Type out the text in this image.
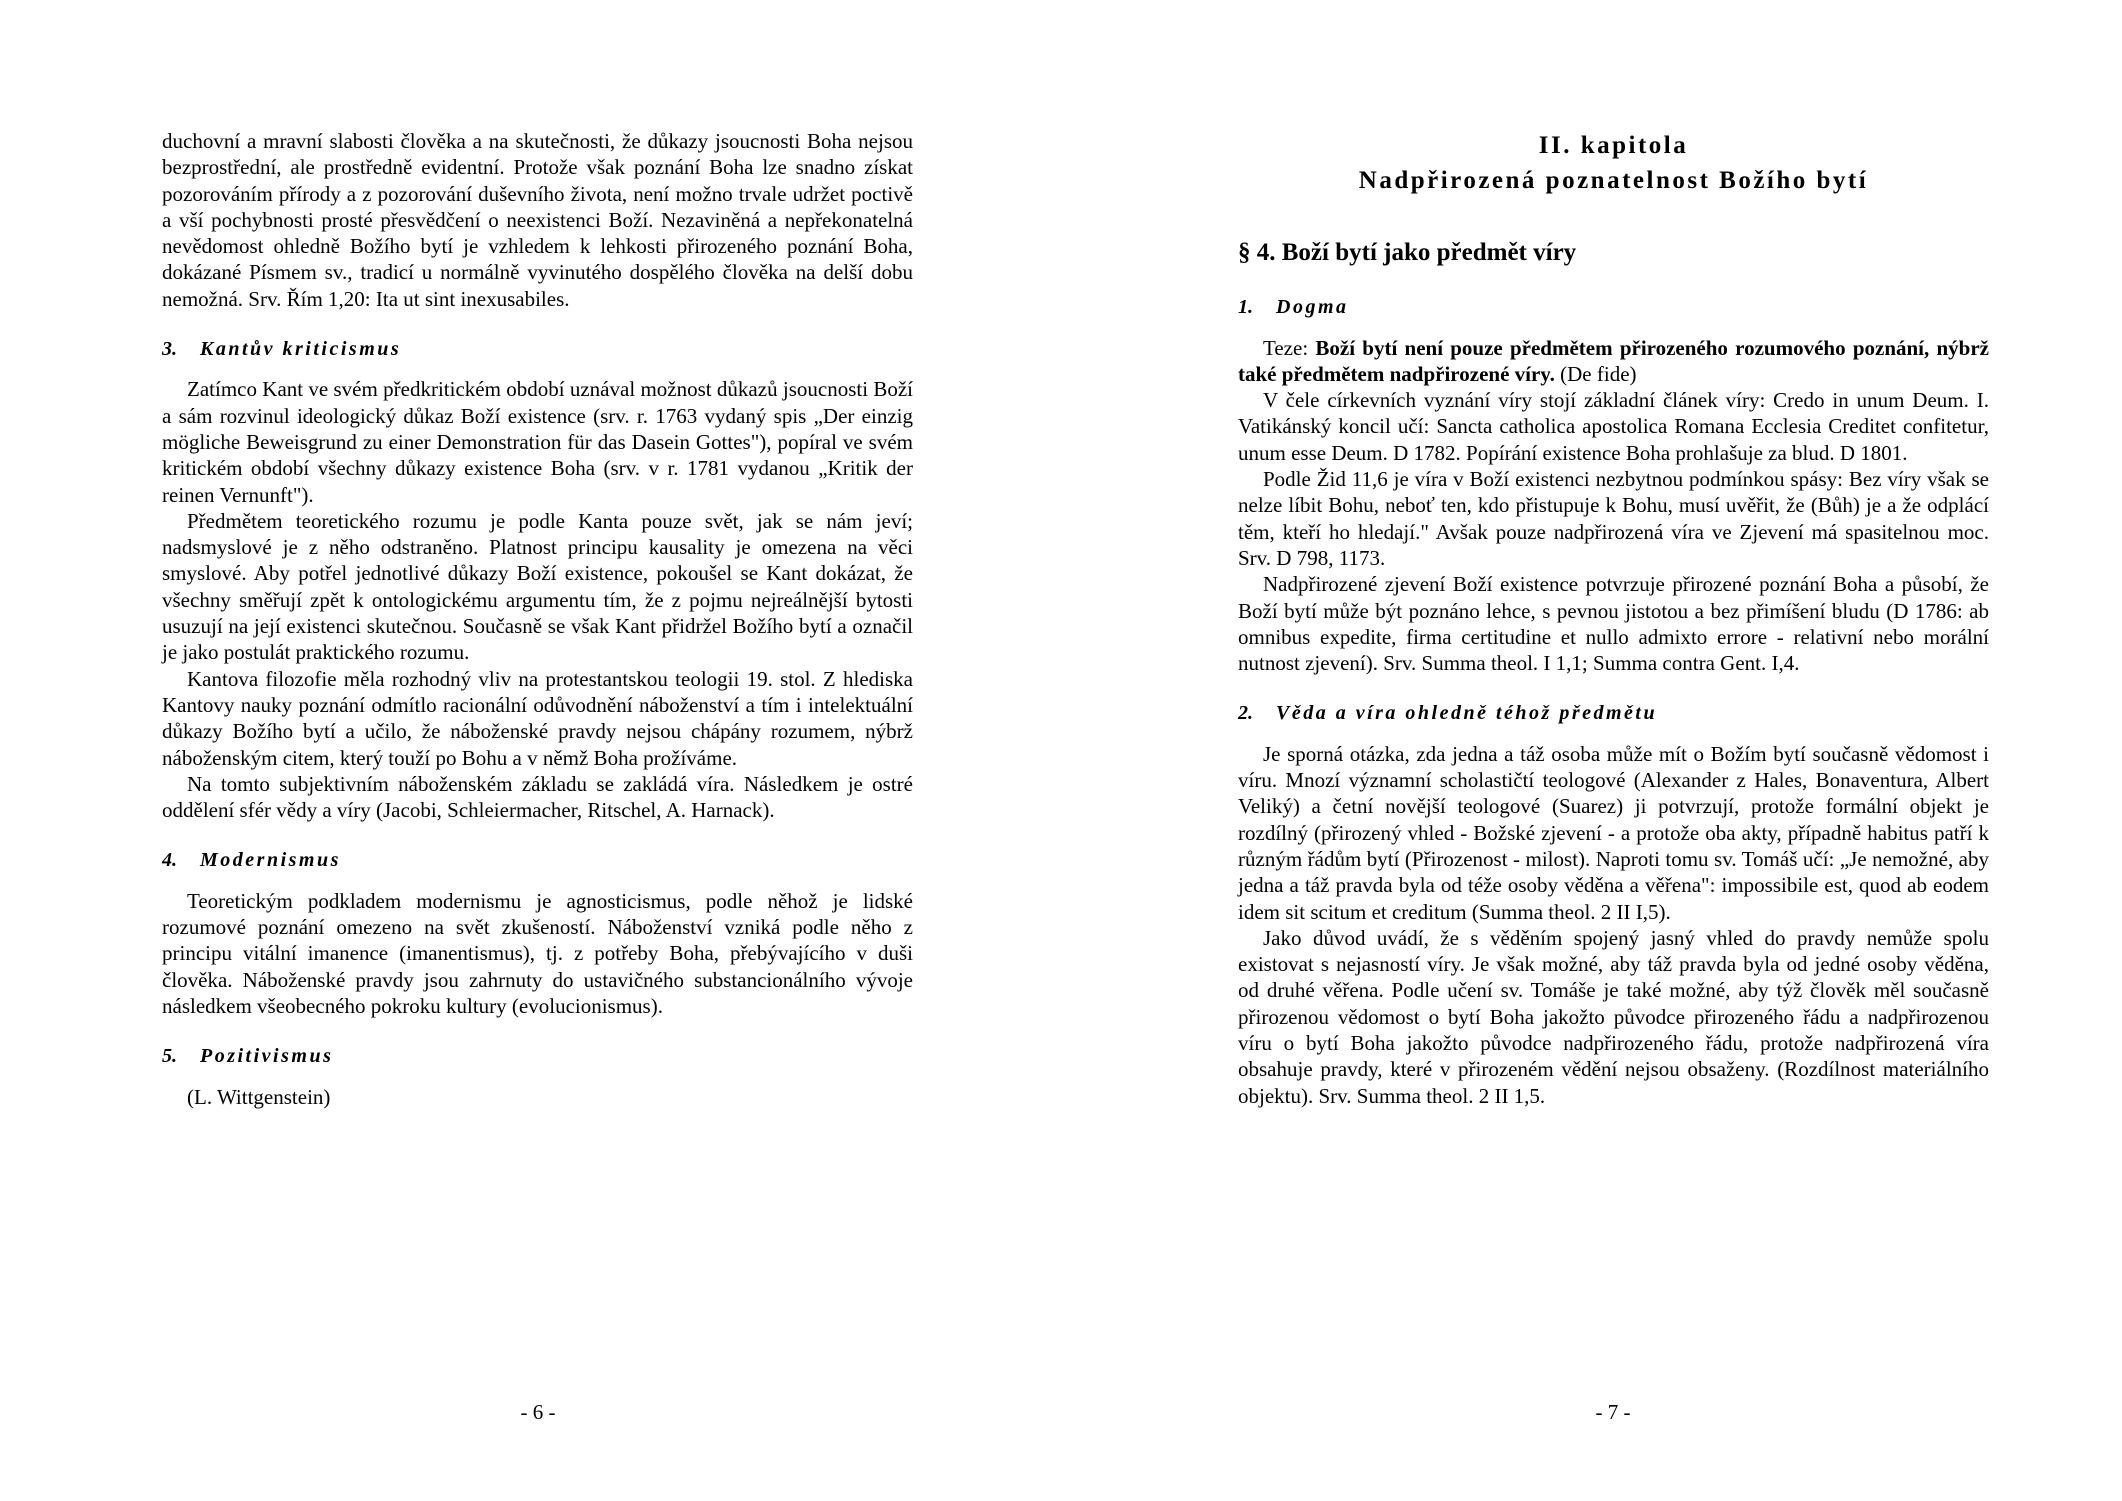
duchovní a mravní slabosti člověka a na skutečnosti, že důkazy jsoucnosti Boha nejsou bezprostřední, ale prostředně evidentní. Protože však poznání Boha lze snadno získat pozorováním přírody a z pozorování duševního života, není možno trvale udržet poctivě a vší pochybnosti prosté přesvědčení o neexistenci Boží. Nezaviněná a nepřekonatelná nevědomost ohledně Božího bytí je vzhledem k lehkosti přirozeného poznání Boha, dokázané Písmem sv., tradicí u normálně vyvinutého dospělého člověka na delší dobu nemožná. Srv. Řím 1,20: Ita ut sint inexusabiles.

3. Kantův kriticismus

Zatímco Kant ve svém předkritickém období uznával možnost důkazů jsoucnosti Boží a sám rozvinul ideologický důkaz Boží existence (srv. r. 1763 vydaný spis „Der einzig mögliche Beweisgrund zu einer Demonstration für das Dasein Gottes"), popíral ve svém kritickém období všechny důkazy existence Boha (srv. v r. 1781 vydanou „Kritik der reinen Vernunft").

Předmětem teoretického rozumu je podle Kanta pouze svět, jak se nám jeví; nadsmyslové je z něho odstraněno. Platnost principu kausality je omezena na věci smyslové. Aby potřel jednotlivé důkazy Boží existence, pokoušel se Kant dokázat, že všechny směřují zpět k ontologickému argumentu tím, že z pojmu nejreálnější bytosti usuzují na její existenci skutečnou. Současně se však Kant přidržel Božího bytí a označil je jako postulát praktického rozumu.

Kantova filozofie měla rozhodný vliv na protestantskou teologii 19. stol. Z hlediska Kantovy nauky poznání odmítlo racionální odůvodnění náboženství a tím i intelektuální důkazy Božího bytí a učilo, že náboženské pravdy nejsou chápány rozumem, nýbrž náboženským citem, který touží po Bohu a v němž Boha prožíváme.

Na tomto subjektivním náboženském základu se zakládá víra. Následkem je ostré oddělení sfér vědy a víry (Jacobi, Schleiermacher, Ritschel, A. Harnack).

4. Modernismus

Teoretickým podkladem modernismu je agnosticismus, podle něhož je lidské rozumové poznání omezeno na svět zkušeností. Náboženství vzniká podle něho z principu vitální imanence (imanentismus), tj. z potřeby Boha, přebývajícího v duši člověka. Náboženské pravdy jsou zahrnuty do ustavičného substancionálního vývoje následkem všeobecného pokroku kultury (evolucionismus).

5. Pozitivismus

(L. Wittgenstein)

- 6 -
II. kapitola
Nadpřirozená poznatelnost Božího bytí
§ 4. Boží bytí jako předmět víry
1. Dogma

Teze: Boží bytí není pouze předmětem přirozeného rozumového poznání, nýbrž také předmětem nadpřirozené víry. (De fide)

V čele církevních vyznání víry stojí základní článek víry: Credo in unum Deum. I. Vatikánský koncil učí: Sancta catholica apostolica Romana Ecclesia Creditet confitetur, unum esse Deum. D 1782. Popírání existence Boha prohlašuje za blud. D 1801.

Podle Žid 11,6 je víra v Boží existenci nezbytnou podmínkou spásy: Bez víry však se nelze líbit Bohu, neboť ten, kdo přistupuje k Bohu, musí uvěřit, že (Bůh) je a že odplácí těm, kteří ho hledají." Avšak pouze nadpřirozená víra ve Zjevení má spasitelnou moc. Srv. D 798, 1173.

Nadpřirozené zjevení Boží existence potvrzuje přirozené poznání Boha a působí, že Boží bytí může být poznáno lehce, s pevnou jistotou a bez přimíšení bludu (D 1786: ab omnibus expedite, firma certitudine et nullo admixto errore - relativní nebo morální nutnost zjevení). Srv. Summa theol. I 1,1; Summa contra Gent. I,4.

2. Věda a víra ohledně téhož předmětu

Je sporná otázka, zda jedna a táž osoba může mít o Božím bytí současně vědomost i víru. Mnozí významní scholastičtí teologové (Alexander z Hales, Bonaventura, Albert Veliký) a četní novější teologové (Suarez) ji potvrzují, protože formální objekt je rozdílný (přirozený vhled - Božské zjevení - a protože oba akty, případně habitus patří k různým řádům bytí (Přirozenost - milost). Naproti tomu sv. Tomáš učí: „Je nemožné, aby jedna a táž pravda byla od téže osoby věděna a věřena": impossibile est, quod ab eodem idem sit scitum et creditum (Summa theol. 2 II I,5).

Jako důvod uvádí, že s věděním spojený jasný vhled do pravdy nemůže spolu existovat s nejasností víry. Je však možné, aby táž pravda byla od jedné osoby věděna, od druhé věřena. Podle učení sv. Tomáše je také možné, aby týž člověk měl současně přirozenou vědomost o bytí Boha jakožto původce přirozeného řádu a nadpřirozenou víru o bytí Boha jakožto původce nadpřirozeného řádu, protože nadpřirozená víra obsahuje pravdy, které v přirozeném vědění nejsou obsaženy. (Rozdílnost materiálního objektu). Srv. Summa theol. 2 II 1,5.

- 7 -
